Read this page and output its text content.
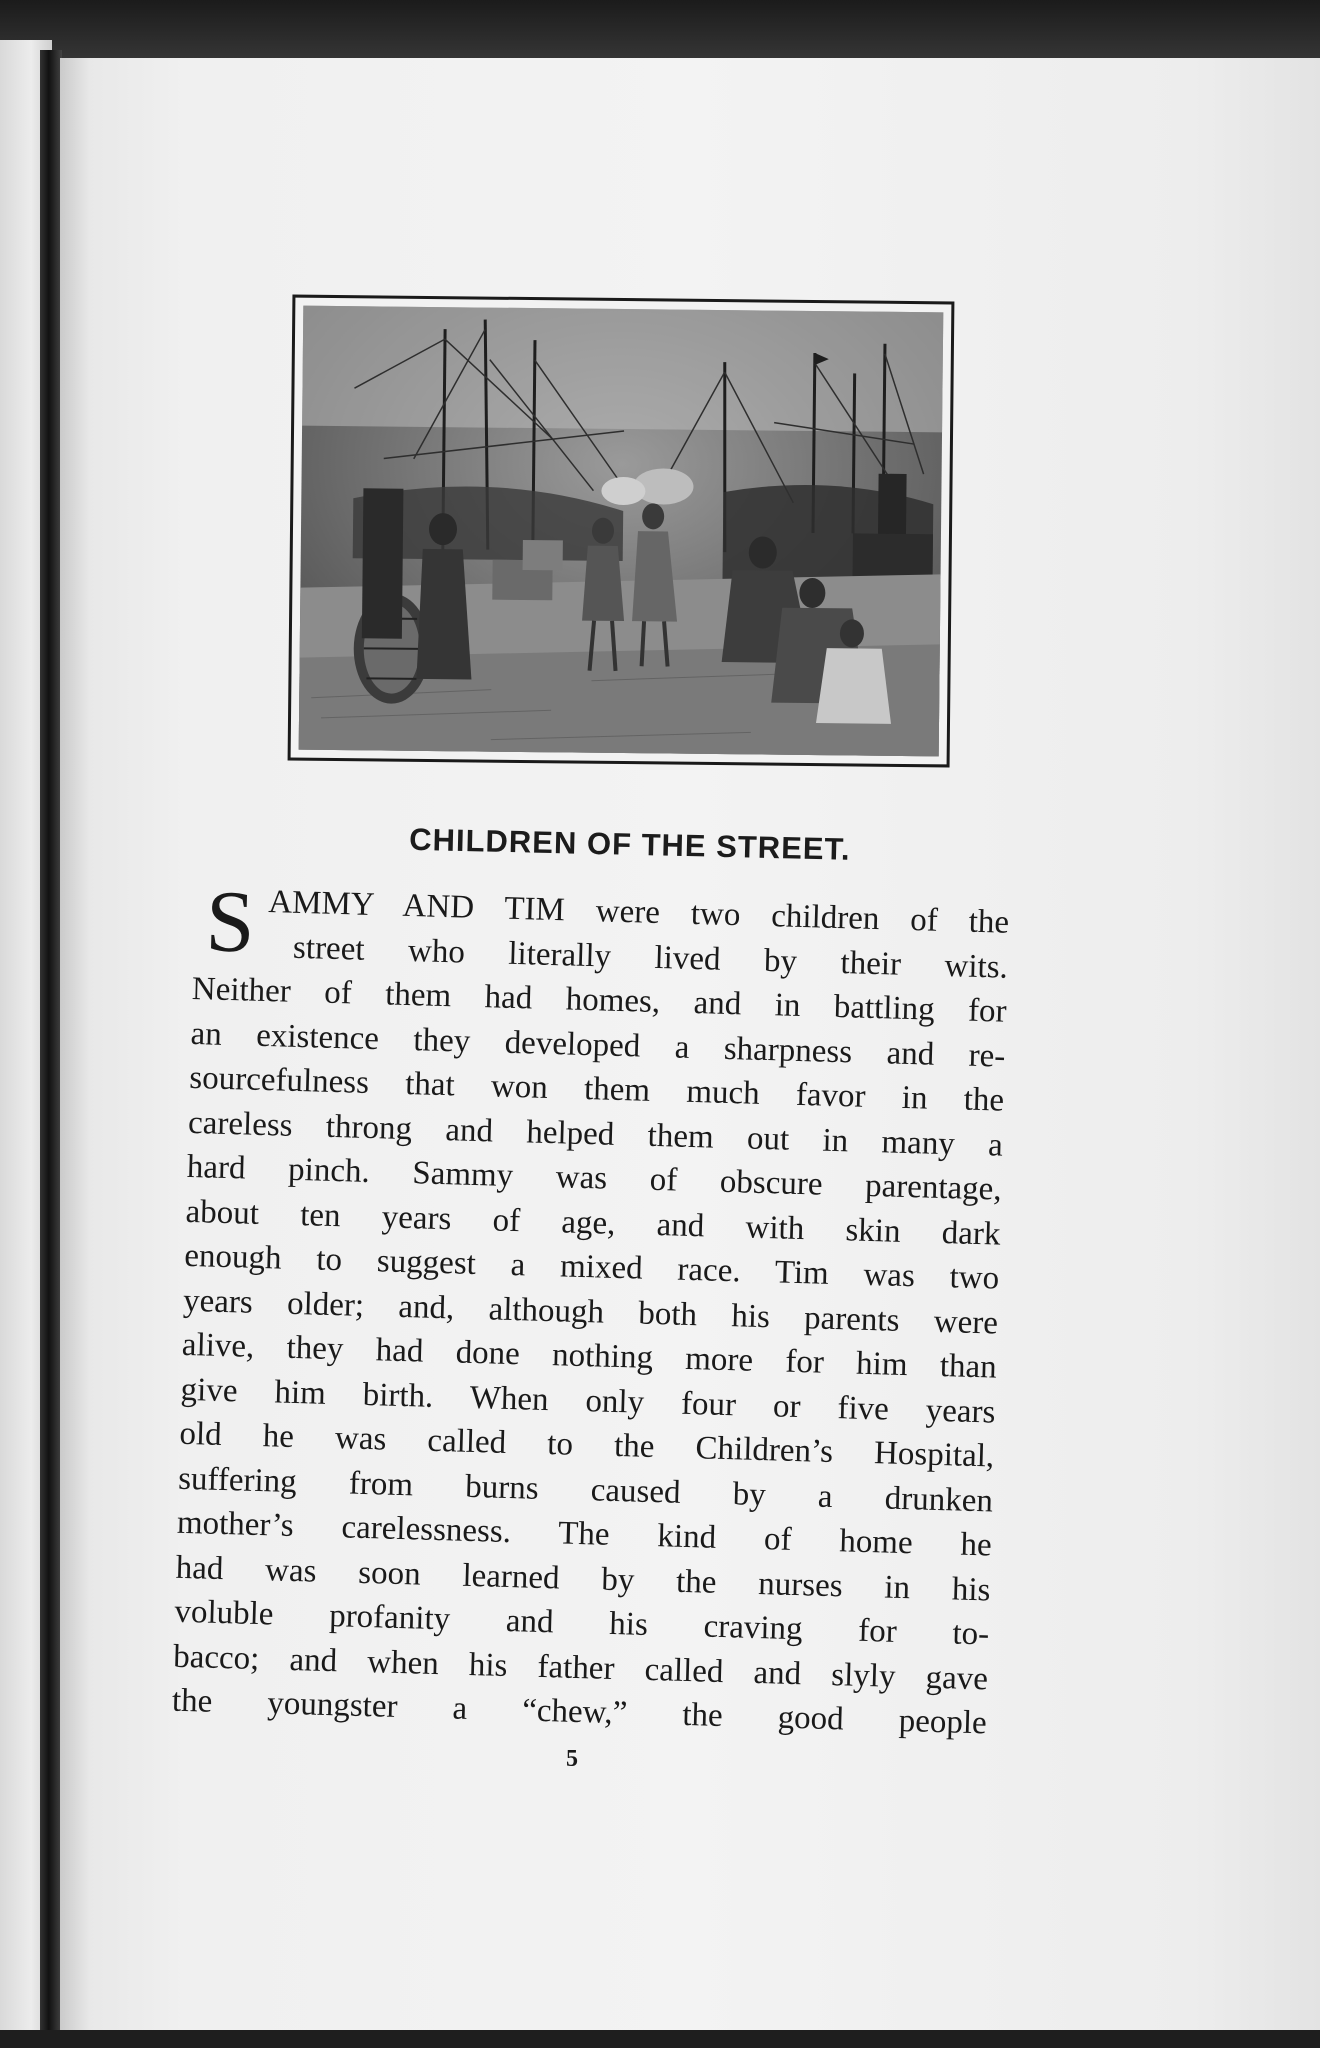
CHILDREN OF THE STREET.
S AMMY AND TIM were two children of the
street who literally lived by their wits.
Neither of them had homes, and in battling for
an existence they developed a sharpness and re-
sourcefulness that won them much favor in the
careless throng and helped them out in many a
hard pinch. Sammy was of obscure parentage,
about ten years of age, and with skin dark
enough to suggest a mixed race. Tim was two
years older; and, although both his parents were
alive, they had done nothing more for him than
give him birth. When only four or five years
old he was called to the Children’s Hospital,
suffering from burns caused by a drunken
mother’s carelessness. The kind of home he
had was soon learned by the nurses in his
voluble profanity and his craving for to-
bacco; and when his father called and slyly gave
the youngster a “chew,” the good people
5
